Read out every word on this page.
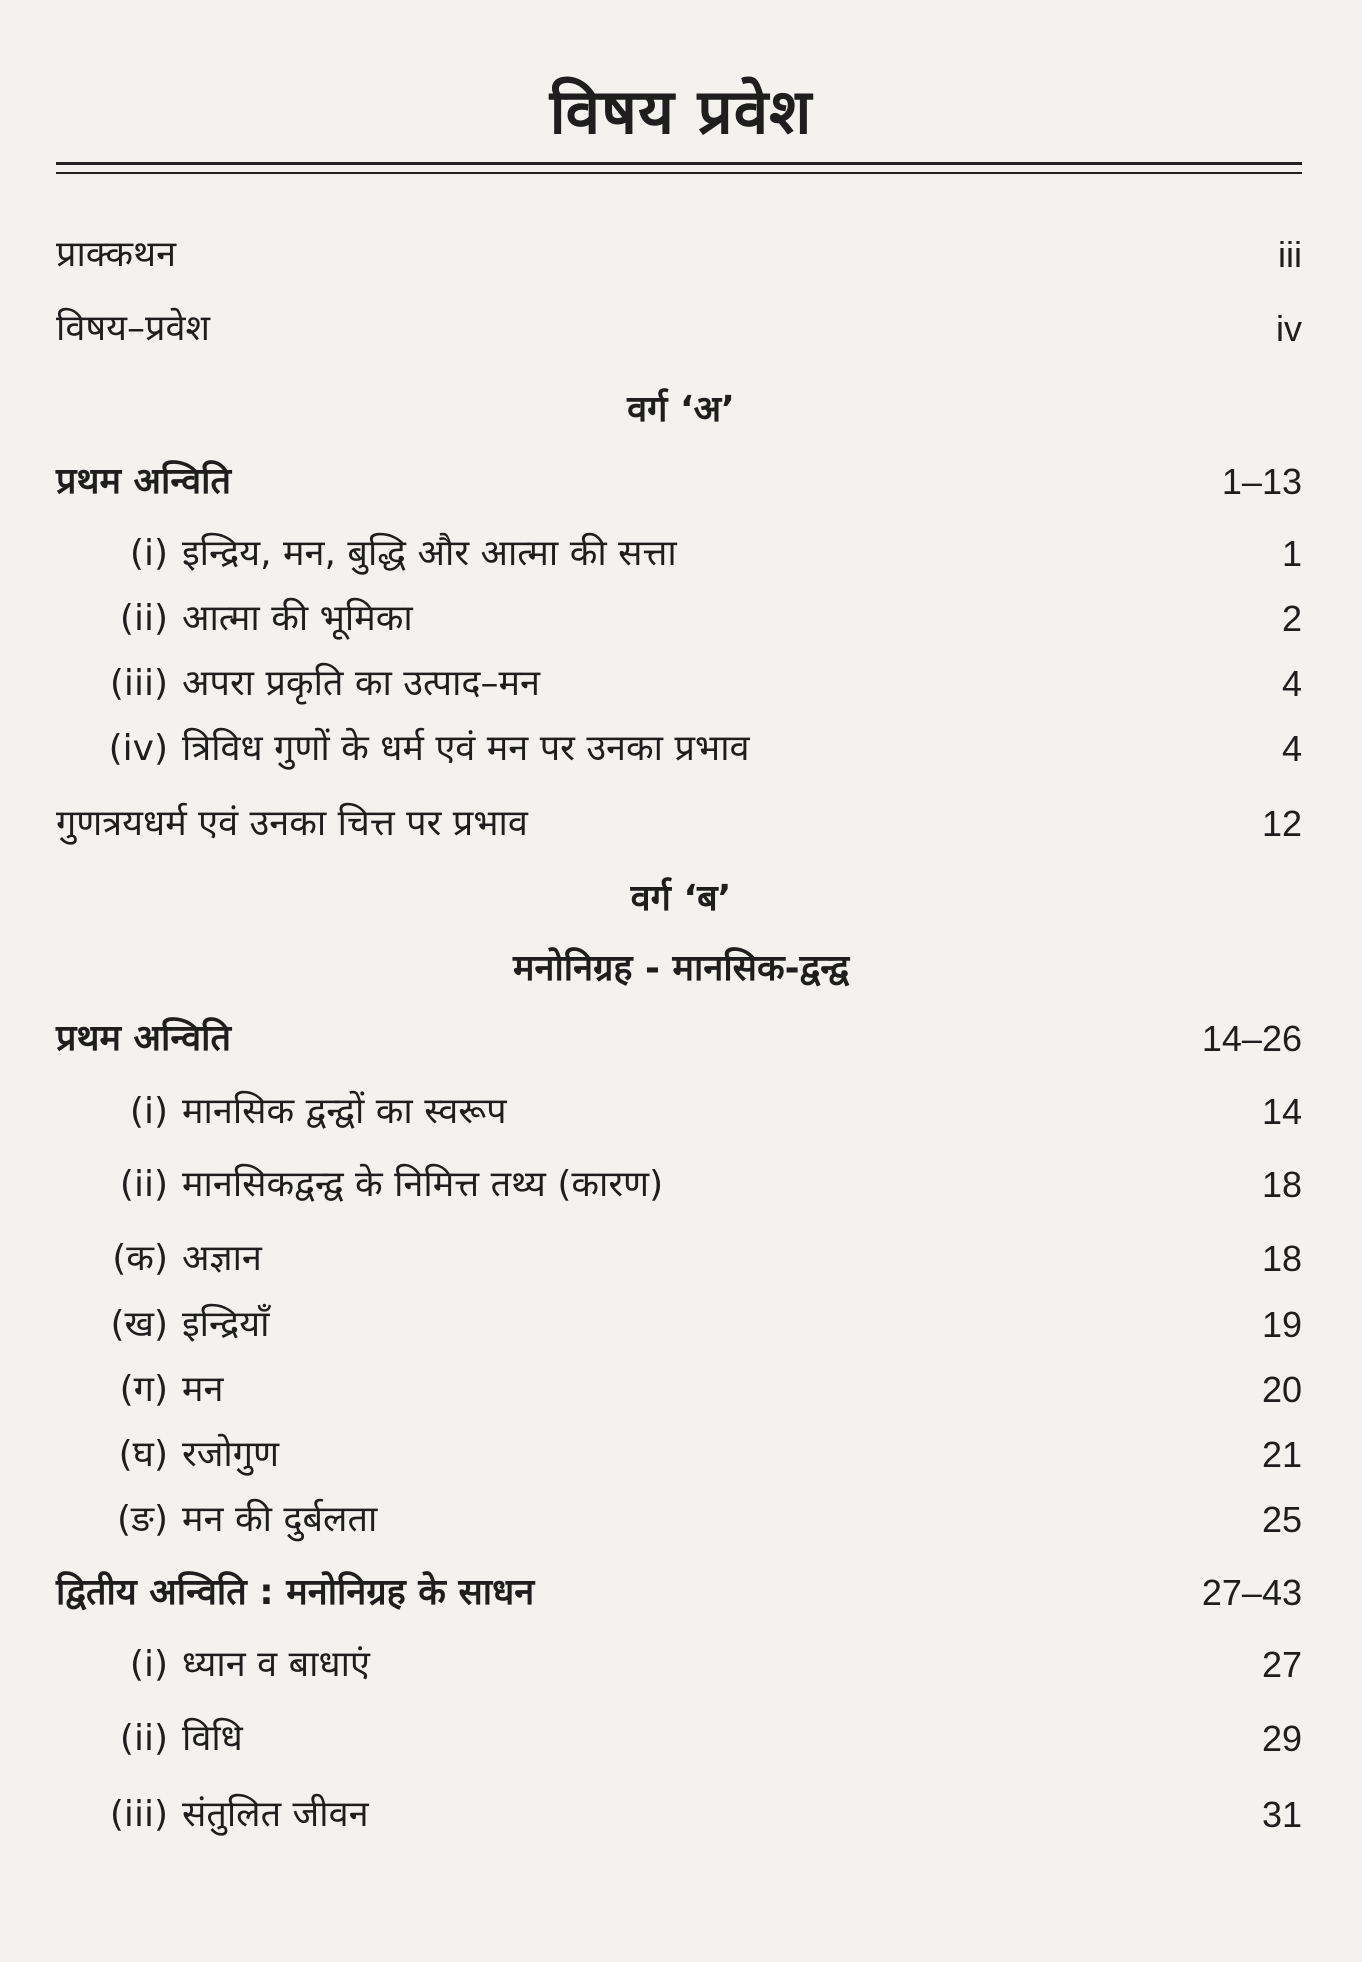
विषय प्रवेश
प्राक्कथन	iii
विषय–प्रवेश	iv
वर्ग ‘अ’
प्रथम अन्विति	1–13
(i) इन्द्रिय, मन, बुद्धि और आत्मा की सत्ता	1
(ii) आत्मा की भूमिका	2
(iii) अपरा प्रकृति का उत्पाद–मन	4
(iv) त्रिविध गुणों के धर्म एवं मन पर उनका प्रभाव	4
गुणत्रयधर्म एवं उनका चित्त पर प्रभाव	12
वर्ग ‘ब’
मनोनिग्रह - मानसिक-द्वन्द्व
प्रथम अन्विति	14–26
(i) मानसिक द्वन्द्वों का स्वरूप	14
(ii) मानसिकद्वन्द्व के निमित्त तथ्य (कारण)	18
(क) अज्ञान	18
(ख) इन्द्रियाँ	19
(ग) मन	20
(घ) रजोगुण	21
(ङ) मन की दुर्बलता	25
द्वितीय अन्विति : मनोनिग्रह के साधन	27–43
(i) ध्यान व बाधाएं	27
(ii) विधि	29
(iii) संतुलित जीवन	31
